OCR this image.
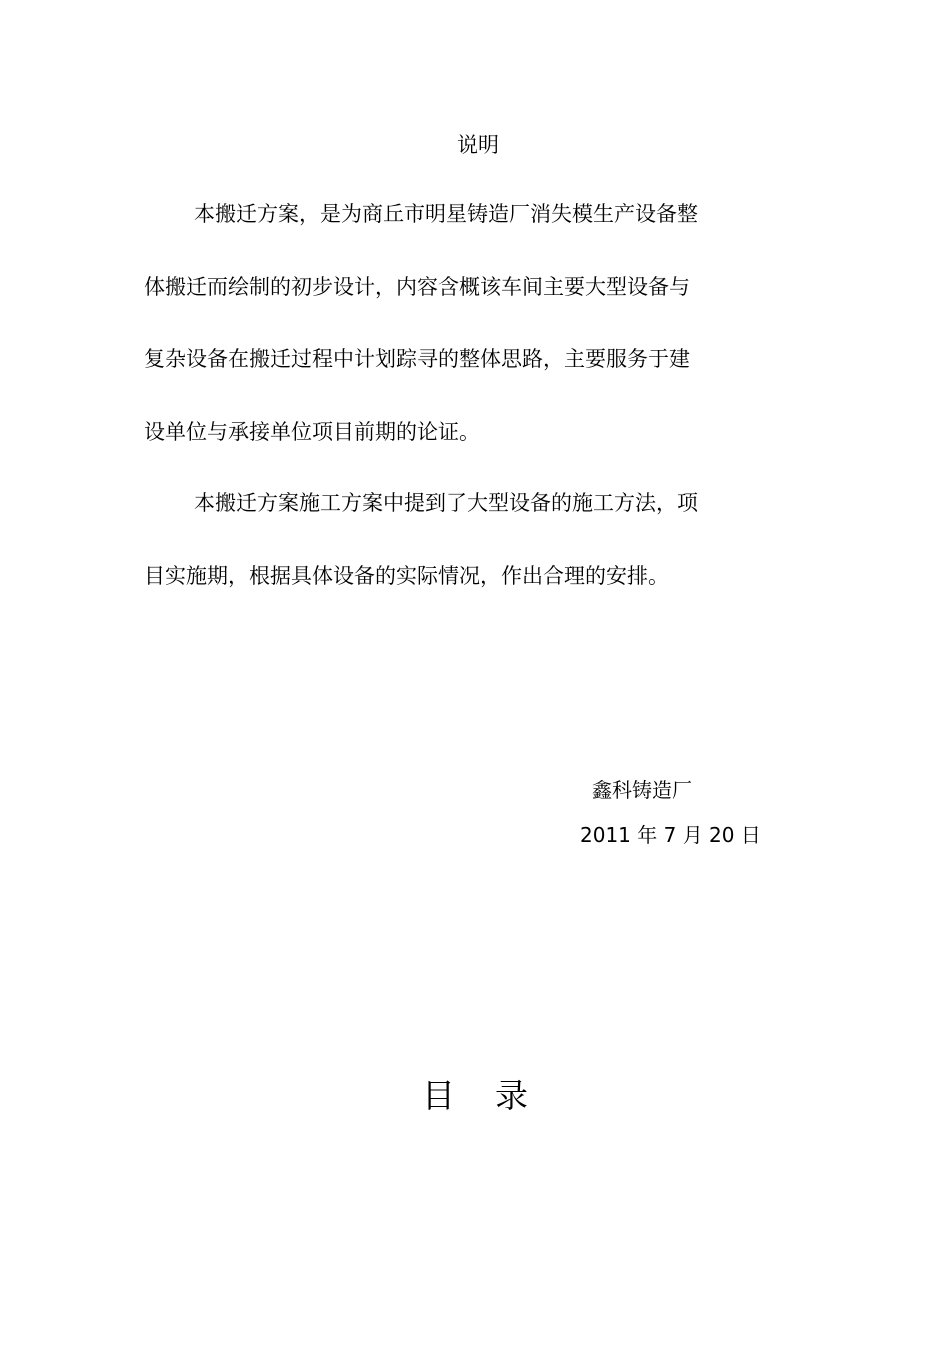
说明
本搬迁方案，是为商丘市明星铸造厂消失模生产设备整
体搬迁而绘制的初步设计，内容含概该车间主要大型设备与
复杂设备在搬迁过程中计划踪寻的整体思路，主要服务于建
设单位与承接单位项目前期的论证。
本搬迁方案施工方案中提到了大型设备的施工方法，项
目实施期，根据具体设备的实际情况，作出合理的安排。
鑫科铸造厂
2011 年 7 月 20 日
目 录
